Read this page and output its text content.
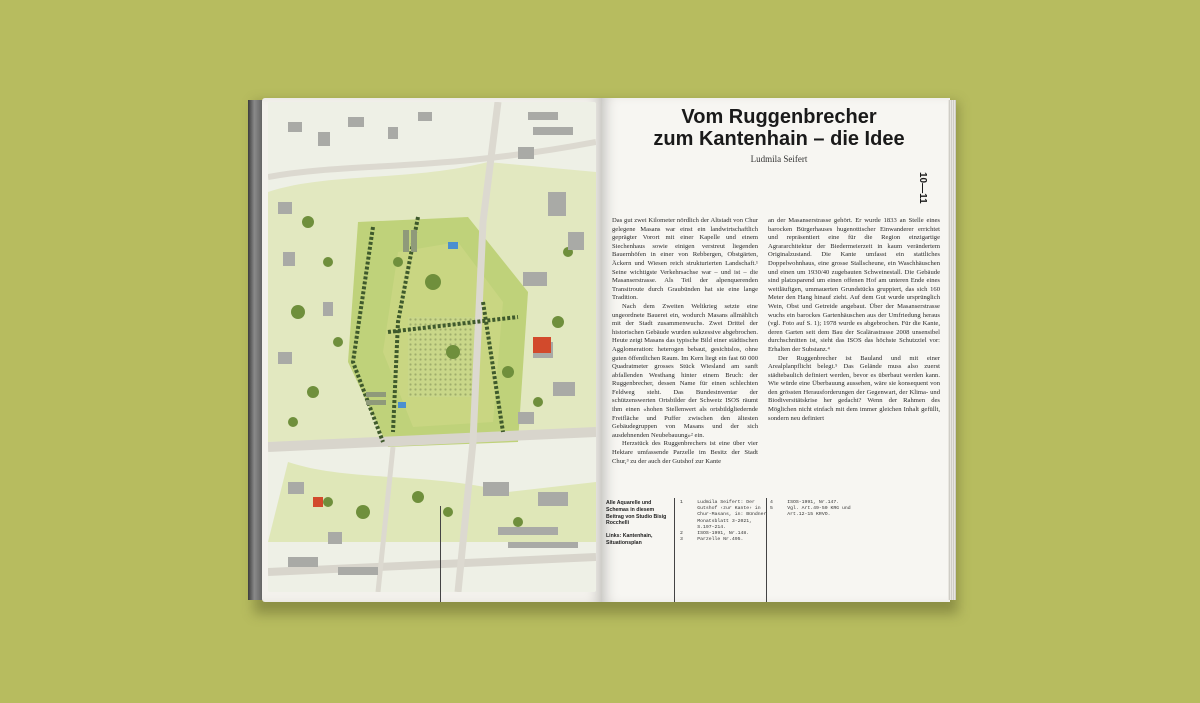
Vom Ruggenbrecher
zum Kantenhain – die Idee
Ludmila Seifert
10—11

Das gut zwei Kilometer nördlich der Altstadt von Chur gelegene Masans war einst ein landwirtschaftlich geprägter Vorort mit einer Kapelle und einem Siechenhaus sowie einigen verstreut liegenden Bauernhöfen in einer von Rebbergen, Obstgärten, Äckern und Wiesen reich strukturierten Landschaft.¹ Seine wichtigste Verkehrsachse war – und ist – die Masanserstrasse. Als Teil der alpenquerenden Transitroute durch Graubünden hat sie eine lange Tradition.

Nach dem Zweiten Weltkrieg setzte eine ungeordnete Bauerei ein, wodurch Masans allmählich mit der Stadt zusammenwuchs. Zwei Drittel der historischen Gebäude wurden sukzessive abgebrochen. Heute zeigt Masans das typische Bild einer städtischen Agglomeration: heterogen bebaut, gesichtslos, ohne guten öffentlichen Raum. Im Kern liegt ein fast 60 000 Quadratmeter grosses Stück Wiesland am sanft abfallenden Westhang hinter einem Bruch: der Ruggenbrecher, dessen Name für einen schlechten Feldweg steht. Das Bundesinventar der schützenswerten Ortsbilder der Schweiz ISOS räumt ihm einen «hohen Stellenwert als ortsbildgliedernde Freifläche und Puffer zwischen den ältesten Gebäudegruppen von Masans und der sich ausdehnenden Neubebauung»² ein.

Herzstück des Ruggenbrechers ist eine über vier Hektare umfassende Parzelle im Besitz der Stadt Chur,³ zu der auch der Gutshof zur Kante

an der Masanserstrasse gehört. Er wurde 1833 an Stelle eines barocken Bürgerhauses hugenottischer Einwanderer errichtet und repräsentiert eine für die Region einzigartige Agrararchitektur der Biedermeierzeit in kaum verändertem Originalzustand. Die Kante umfasst ein stattliches Doppelwohnhaus, eine grosse Stallscheune, ein Waschhäuschen und einen um 1930/40 zugebauten Schweinestall. Die Gebäude sind platzsparend um einen offenen Hof am unteren Ende eines weitläufigen, ummauerten Grundstücks gruppiert, das sich 160 Meter den Hang hinauf zieht. Auf dem Gut wurde ursprünglich Wein, Obst und Getreide angebaut. Über der Masanserstrasse wuchs ein barockes Gartenhäuschen aus der Umfriedung heraus (vgl. Foto auf S. 1); 1978 wurde es abgebrochen. Für die Kante, deren Garten seit dem Bau der Scalärastrasse 2008 unsensibel durchschnitten ist, sieht das ISOS das höchste Schutzziel vor: Erhalten der Substanz.⁴

Der Ruggenbrecher ist Bauland und mit einer Arealplanpflicht belegt.⁵ Das Gelände muss also zuerst städtebaulich definiert werden, bevor es überbaut werden kann. Wie würde eine Überbauung aussehen, wäre sie konsequent von den grössten Herausforderungen der Gegenwart, der Klima- und Biodiversitätskrise her gedacht? Wenn der Rahmen des Möglichen nicht einfach mit dem immer gleichen Inhalt gefüllt, sondern neu definiert

Alle Aquarelle und Schemas in diesem Beitrag von Studio Bisig Rocchelli
Links: Kantenhain, Situationsplan
1     Ludmila Seifert: Der
Gutshof ‹zur Kante› in
Chur-Masans, in: Bündner
Monatsblatt 3-2021,
S.197–214.
2     ISOS-1991, Nr.148.
3     Parzelle Nr.495.
4     ISOS-1991, Nr.147.
5     Vgl. Art.49-50 KRG und
Art.12-15 KRVO.
